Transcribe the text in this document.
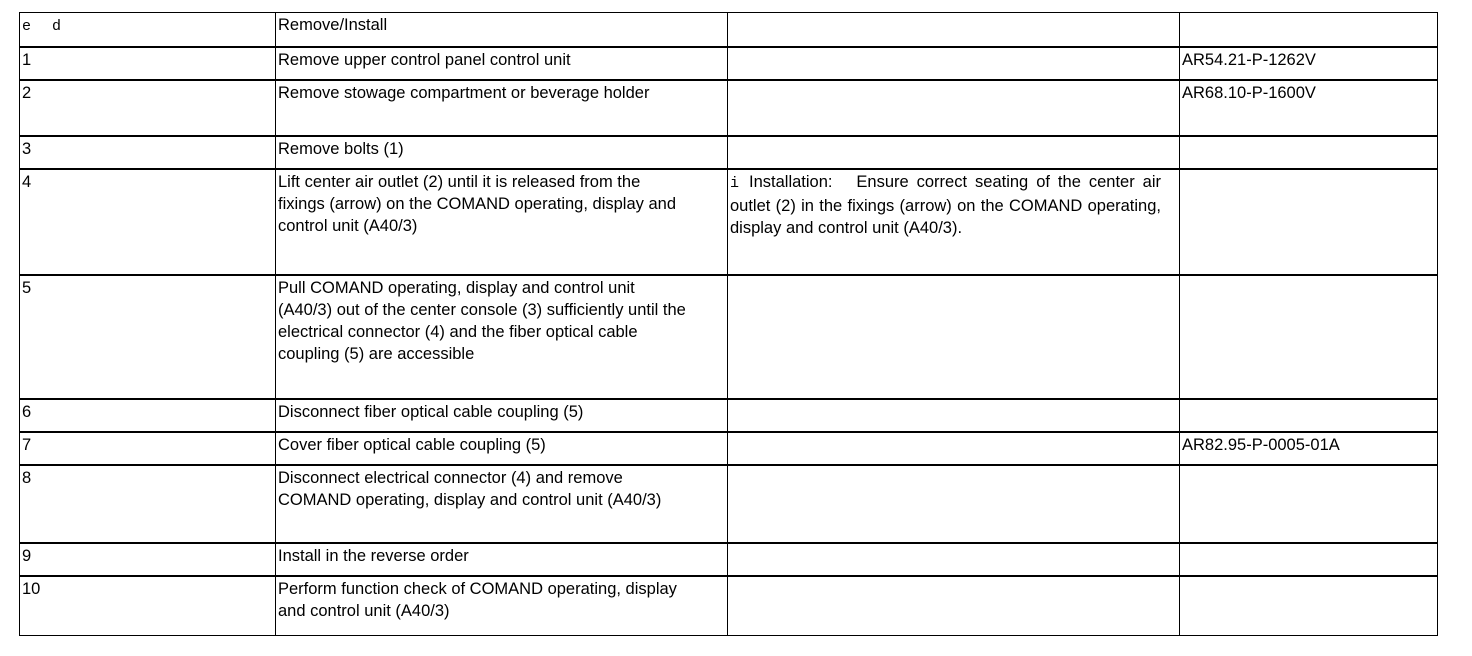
e  d	Remove/Install		
1	Remove upper control panel control unit		AR54.21-P-1262V
2	Remove stowage compartment or beverage holder		AR68.10-P-1600V
3	Remove bolts (1)		
4	Lift center air outlet (2) until it is released from the fixings (arrow) on the COMAND operating, display and control unit (A40/3)	i Installation:   Ensure correct seating of the center air outlet (2) in the fixings (arrow) on the COMAND operating, display and control unit (A40/3).	

5	Pull COMAND operating, display and control unit (A40/3) out of the center console (3) sufficiently until the electrical connector (4) and the fiber optical cable coupling (5) are accessible		
6	Disconnect fiber optical cable coupling (5)		
7	Cover fiber optical cable coupling (5)		AR82.95-P-0005-01A
8	Disconnect electrical connector (4) and remove COMAND operating, display and control unit (A40/3)		
9	Install in the reverse order		
10	Perform function check of COMAND operating, display and control unit (A40/3)		
